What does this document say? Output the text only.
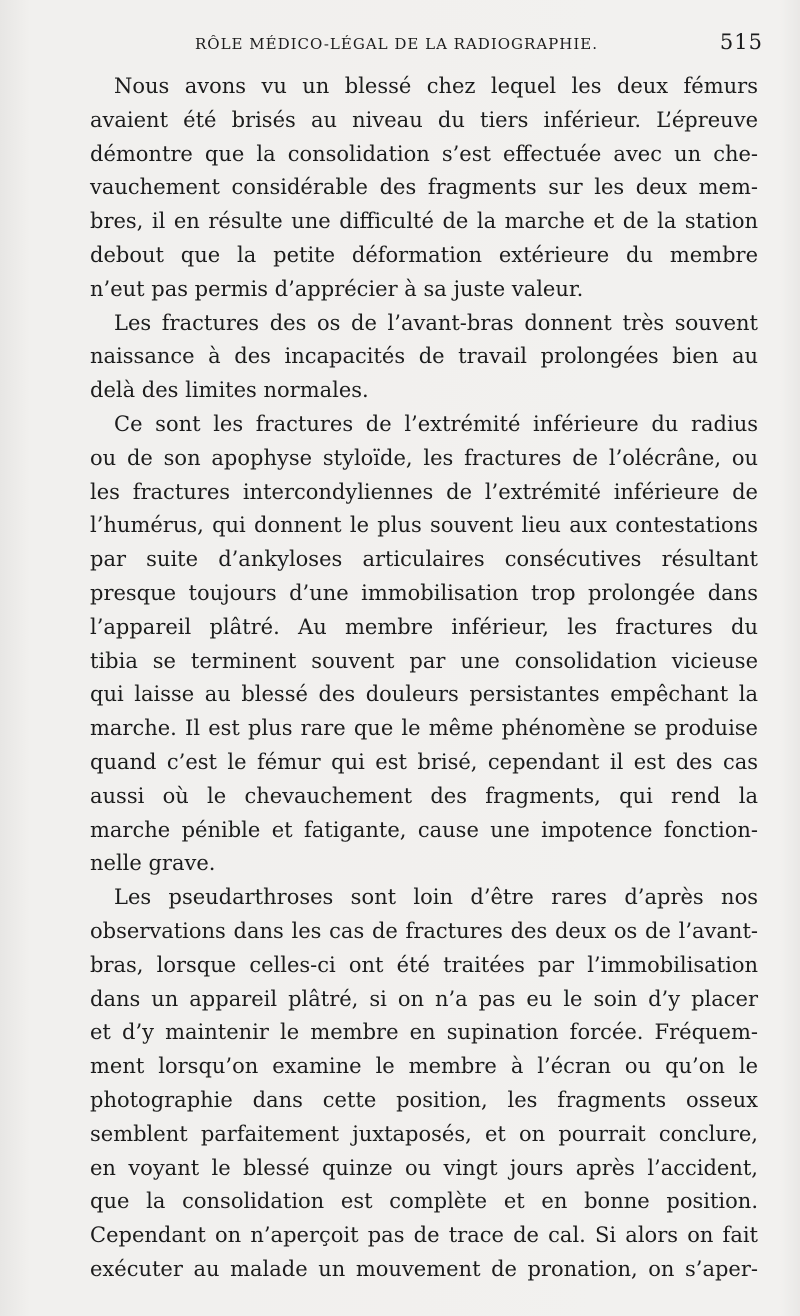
RÔLE MÉDICO-LÉGAL DE LA RADIOGRAPHIE.	515

Nous avons vu un blessé chez lequel les deux fémurs
avaient été brisés au niveau du tiers inférieur. L’épreuve
démontre que la consolidation s’est effectuée avec un che-
vauchement considérable des fragments sur les deux mem-
bres, il en résulte une difficulté de la marche et de la station
debout que la petite déformation extérieure du membre
n’eut pas permis d’apprécier à sa juste valeur.

Les fractures des os de l’avant-bras donnent très souvent
naissance à des incapacités de travail prolongées bien au
delà des limites normales.

Ce sont les fractures de l’extrémité inférieure du radius
ou de son apophyse styloïde, les fractures de l’olécrâne, ou
les fractures intercondyliennes de l’extrémité inférieure de
l’humérus, qui donnent le plus souvent lieu aux contestations
par suite d’ankyloses articulaires consécutives résultant
presque toujours d’une immobilisation trop prolongée dans
l’appareil plâtré. Au membre inférieur, les fractures du
tibia se terminent souvent par une consolidation vicieuse
qui laisse au blessé des douleurs persistantes empêchant la
marche. Il est plus rare que le même phénomène se produise
quand c’est le fémur qui est brisé, cependant il est des cas
aussi où le chevauchement des fragments, qui rend la
marche pénible et fatigante, cause une impotence fonction-
nelle grave.

Les pseudarthroses sont loin d’être rares d’après nos
observations dans les cas de fractures des deux os de l’avant-
bras, lorsque celles-ci ont été traitées par l’immobilisation
dans un appareil plâtré, si on n’a pas eu le soin d’y placer
et d’y maintenir le membre en supination forcée. Fréquem-
ment lorsqu’on examine le membre à l’écran ou qu’on le
photographie dans cette position, les fragments osseux
semblent parfaitement juxtaposés, et on pourrait conclure,
en voyant le blessé quinze ou vingt jours après l’accident,
que la consolidation est complète et en bonne position.
Cependant on n’aperçoit pas de trace de cal. Si alors on fait
exécuter au malade un mouvement de pronation, on s’aper-
